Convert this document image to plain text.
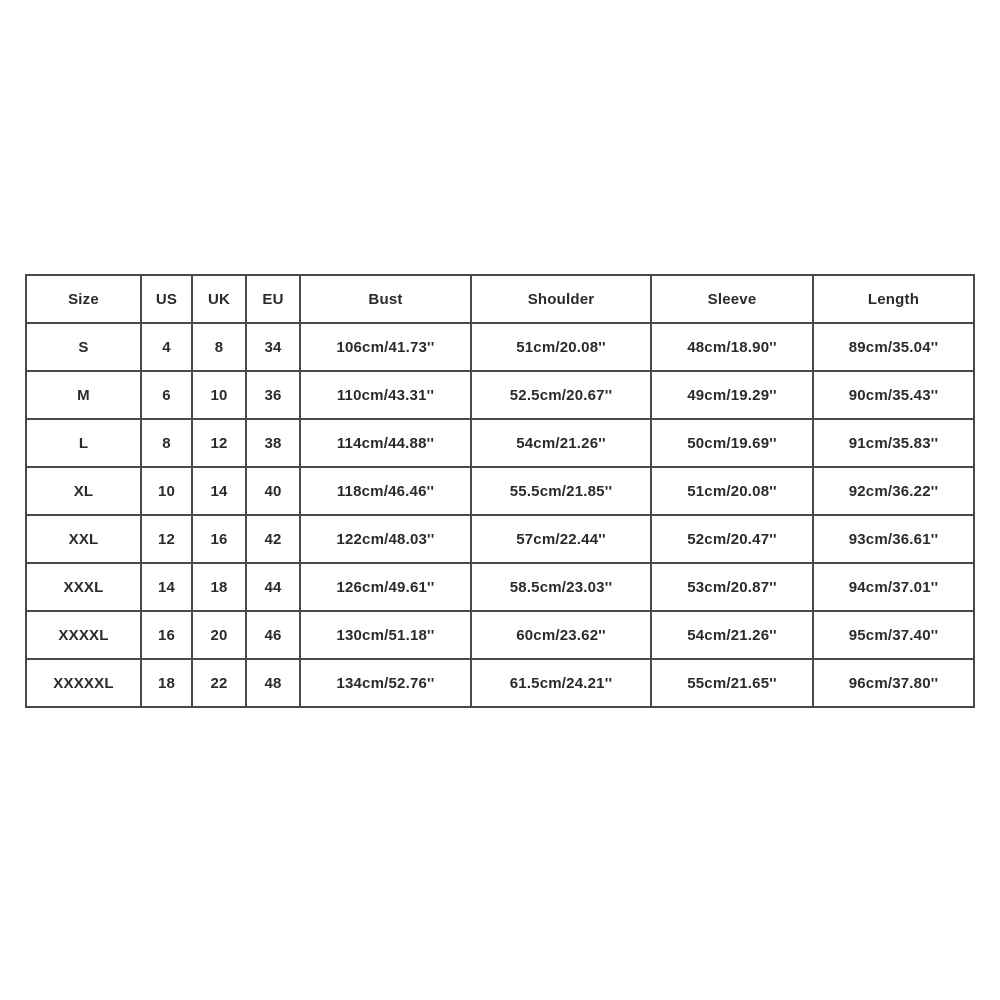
Size	US	UK	EU	Bust	Shoulder	Sleeve	Length
S	4	8	34	106cm/41.73''	51cm/20.08''	48cm/18.90''	89cm/35.04''
M	6	10	36	110cm/43.31''	52.5cm/20.67''	49cm/19.29''	90cm/35.43''
L	8	12	38	114cm/44.88''	54cm/21.26''	50cm/19.69''	91cm/35.83''
XL	10	14	40	118cm/46.46''	55.5cm/21.85''	51cm/20.08''	92cm/36.22''
XXL	12	16	42	122cm/48.03''	57cm/22.44''	52cm/20.47''	93cm/36.61''
XXXL	14	18	44	126cm/49.61''	58.5cm/23.03''	53cm/20.87''	94cm/37.01''
XXXXL	16	20	46	130cm/51.18''	60cm/23.62''	54cm/21.26''	95cm/37.40''
XXXXXL	18	22	48	134cm/52.76''	61.5cm/24.21''	55cm/21.65''	96cm/37.80''
